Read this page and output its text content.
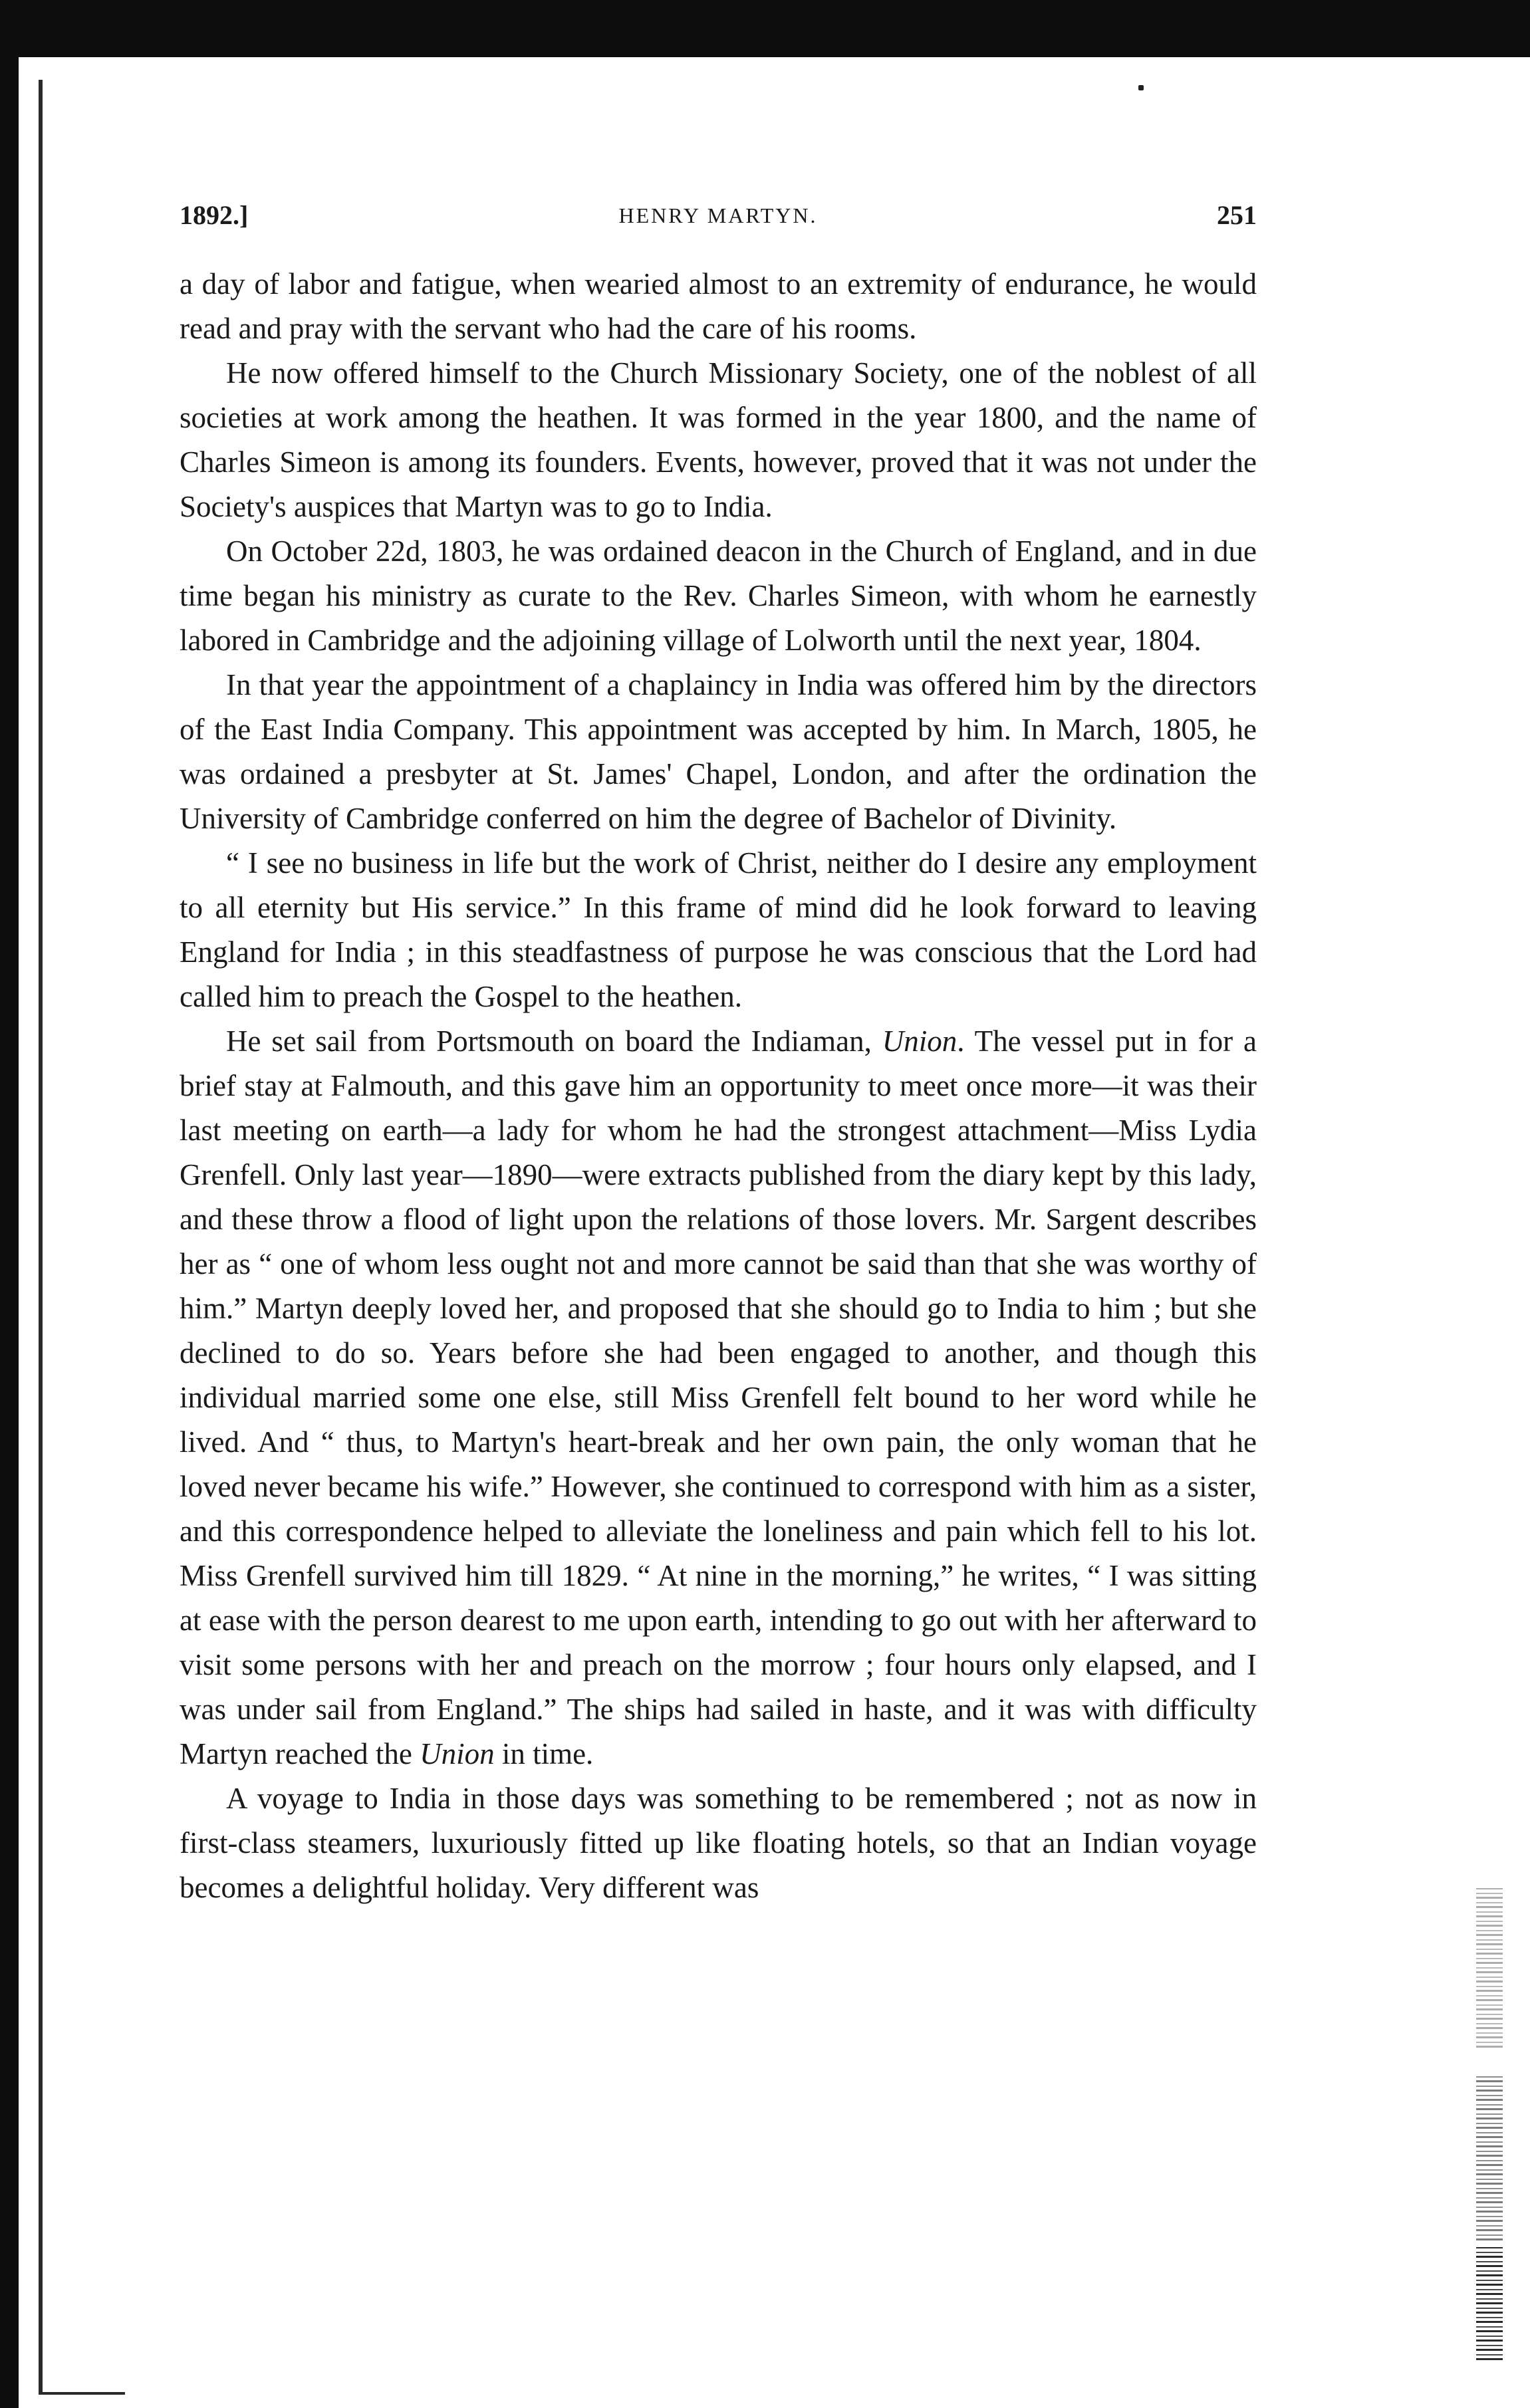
1892.]	HENRY MARTYN.	251

a day of labor and fatigue, when wearied almost to an extremity of endurance, he would read and pray with the servant who had the care of his rooms.

He now offered himself to the Church Missionary Society, one of the noblest of all societies at work among the heathen. It was formed in the year 1800, and the name of Charles Simeon is among its founders. Events, however, proved that it was not under the Society's auspices that Martyn was to go to India.

On October 22d, 1803, he was ordained deacon in the Church of England, and in due time began his ministry as curate to the Rev. Charles Simeon, with whom he earnestly labored in Cambridge and the adjoining village of Lolworth until the next year, 1804.

In that year the appointment of a chaplaincy in India was offered him by the directors of the East India Company. This appointment was accepted by him. In March, 1805, he was ordained a presbyter at St. James' Chapel, London, and after the ordination the University of Cambridge conferred on him the degree of Bachelor of Divinity.

“ I see no business in life but the work of Christ, neither do I desire any employment to all eternity but His service.” In this frame of mind did he look forward to leaving England for India ; in this steadfastness of purpose he was conscious that the Lord had called him to preach the Gospel to the heathen.

He set sail from Portsmouth on board the Indiaman, Union. The vessel put in for a brief stay at Falmouth, and this gave him an opportunity to meet once more—it was their last meeting on earth—a lady for whom he had the strongest attachment—Miss Lydia Grenfell. Only last year—1890—were extracts published from the diary kept by this lady, and these throw a flood of light upon the relations of those lovers. Mr. Sargent describes her as “ one of whom less ought not and more cannot be said than that she was worthy of him.” Martyn deeply loved her, and proposed that she should go to India to him ; but she declined to do so. Years before she had been engaged to another, and though this individual married some one else, still Miss Grenfell felt bound to her word while he lived. And “ thus, to Martyn's heart-break and her own pain, the only woman that he loved never became his wife.” However, she continued to correspond with him as a sister, and this correspondence helped to alleviate the loneliness and pain which fell to his lot. Miss Grenfell survived him till 1829. “ At nine in the morning,” he writes, “ I was sitting at ease with the person dearest to me upon earth, intending to go out with her afterward to visit some persons with her and preach on the morrow ; four hours only elapsed, and I was under sail from England.” The ships had sailed in haste, and it was with difficulty Martyn reached the Union in time.

A voyage to India in those days was something to be remembered ; not as now in first-class steamers, luxuriously fitted up like floating hotels, so that an Indian voyage becomes a delightful holiday. Very different was
